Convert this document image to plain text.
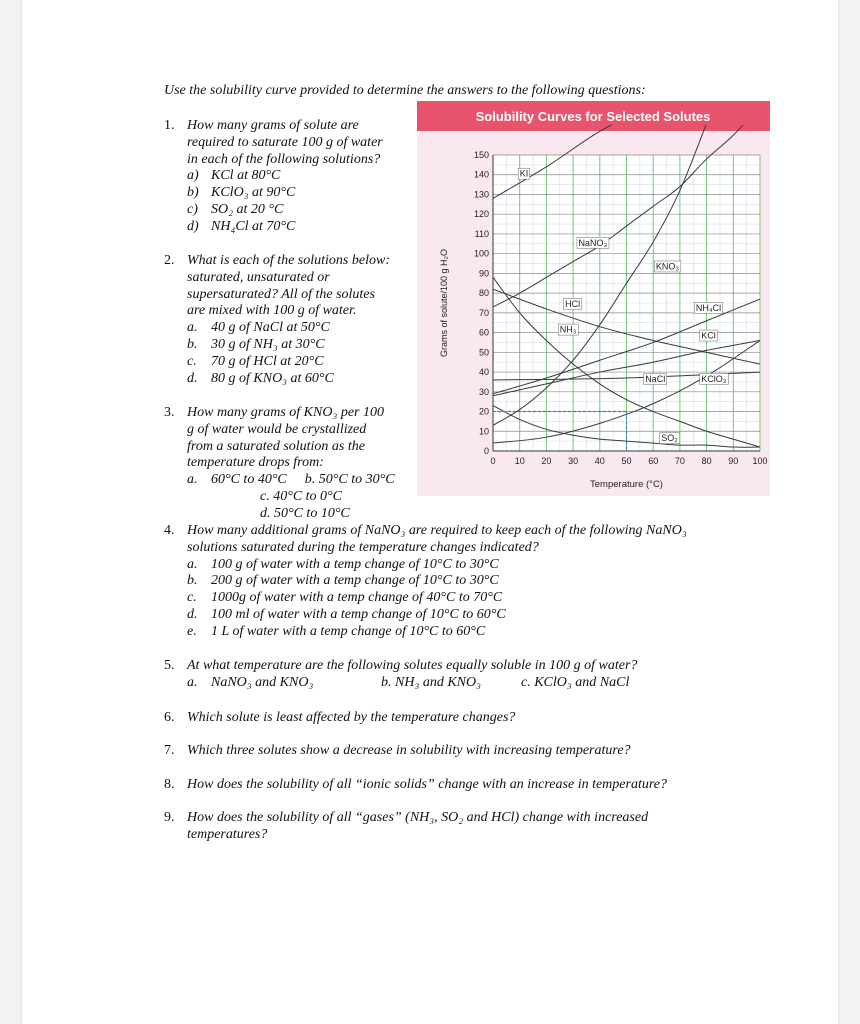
Use the solubility curve provided to determine the answers to the following questions:
1. How many grams of solute are
required to saturate 100 g of water
in each of the following solutions?
a) KCl at 80°C
b) KClO₃ at 90°C
c) SO₂ at 20 °C
d) NH₄Cl at 70°C
2. What is each of the solutions below:
saturated, unsaturated or
supersaturated? All of the solutes
are mixed with 100 g of water.
a. 40 g of NaCl at 50°C
b. 30 g of NH₃ at 30°C
c. 70 g of HCl at 20°C
d. 80 g of KNO₃ at 60°C
3. How many grams of KNO₃ per 100
g of water would be crystallized
from a saturated solution as the
temperature drops from:
a. 60°C to 40°C b. 50°C to 30°C
c. 40°C to 0°C
d. 50°C to 10°C
4. How many additional grams of NaNO₃ are required to keep each of the following NaNO₃
solutions saturated during the temperature changes indicated?
a. 100 g of water with a temp change of 10°C to 30°C
b. 200 g of water with a temp change of 10°C to 30°C
c. 1000g of water with a temp change of 40°C to 70°C
d. 100 ml of water with a temp change of 10°C to 60°C
e. 1 L of water with a temp change of 10°C to 60°C
5. At what temperature are the following solutes equally soluble in 100 g of water?
a. NaNO₃ and KNO₃	b. NH₃ and KNO₃	c. KClO₃ and NaCl
6. Which solute is least affected by the temperature changes?
7. Which three solutes show a decrease in solubility with increasing temperature?
8. How does the solubility of all “ionic solids” change with an increase in temperature?
9. How does the solubility of all “gases” (NH₃, SO₂ and HCl) change with increased
temperatures?
Solubility Curves for Selected Solutes
0
10
20
30
40
50
60
70
80
90
100
110
120
130
140
150
0 10 20 30 40 50 60 70 80 90 100
Temperature (°C)
Grams of solute/100 g H₂O
KI
NaNO₃
KNO₃
HCl	NH₄Cl
NH₃
KCl
NaCl	KClO₃
SO₂
